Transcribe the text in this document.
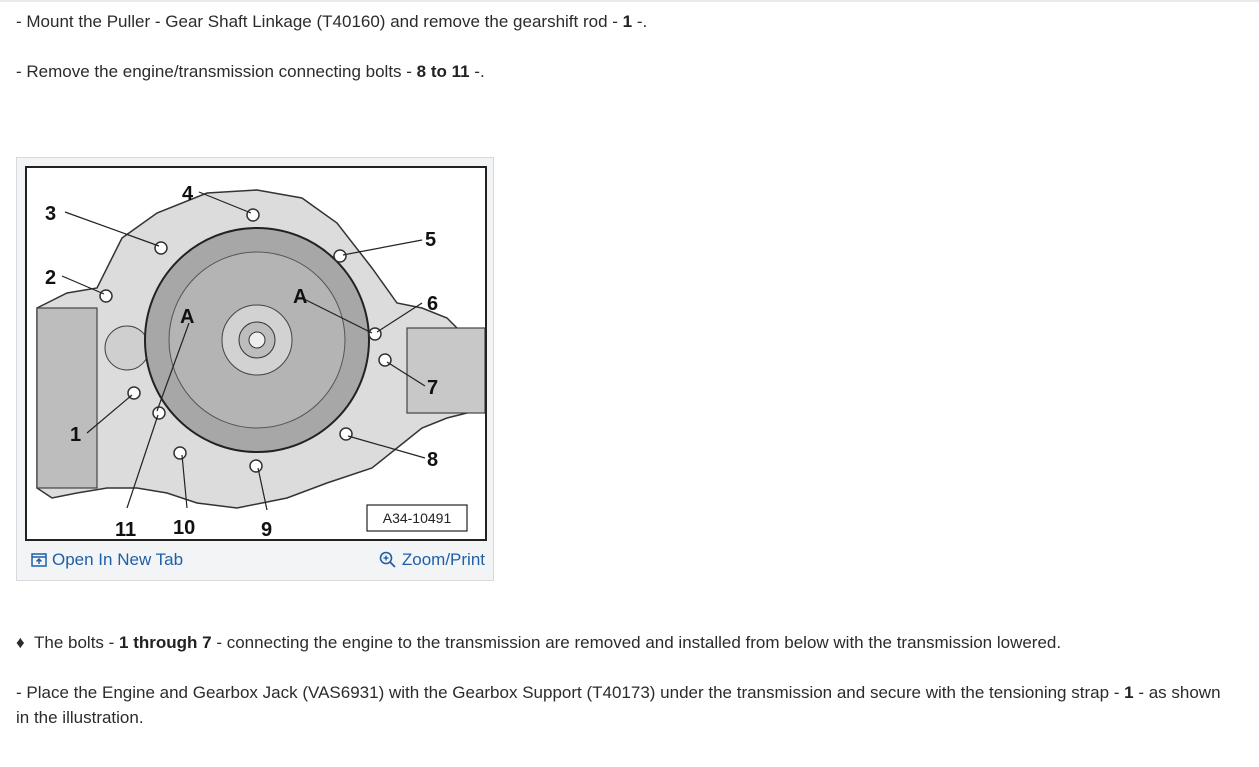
- Mount the Puller - Gear Shaft Linkage (T40160) and remove the gearshift rod - 1 -.

- Remove the engine/transmission connecting bolts - 8 to 11 -.

3
4
5
2
6
7
1
8
9
10
11
A
A
A34-10491
Open In New Tab	Zoom/Print

♦ The bolts - 1 through 7 - connecting the engine to the transmission are removed and installed from below with the transmission lowered.

- Place the Engine and Gearbox Jack (VAS6931) with the Gearbox Support (T40173) under the transmission and secure with the tensioning strap - 1 - as shown in the illustration.
